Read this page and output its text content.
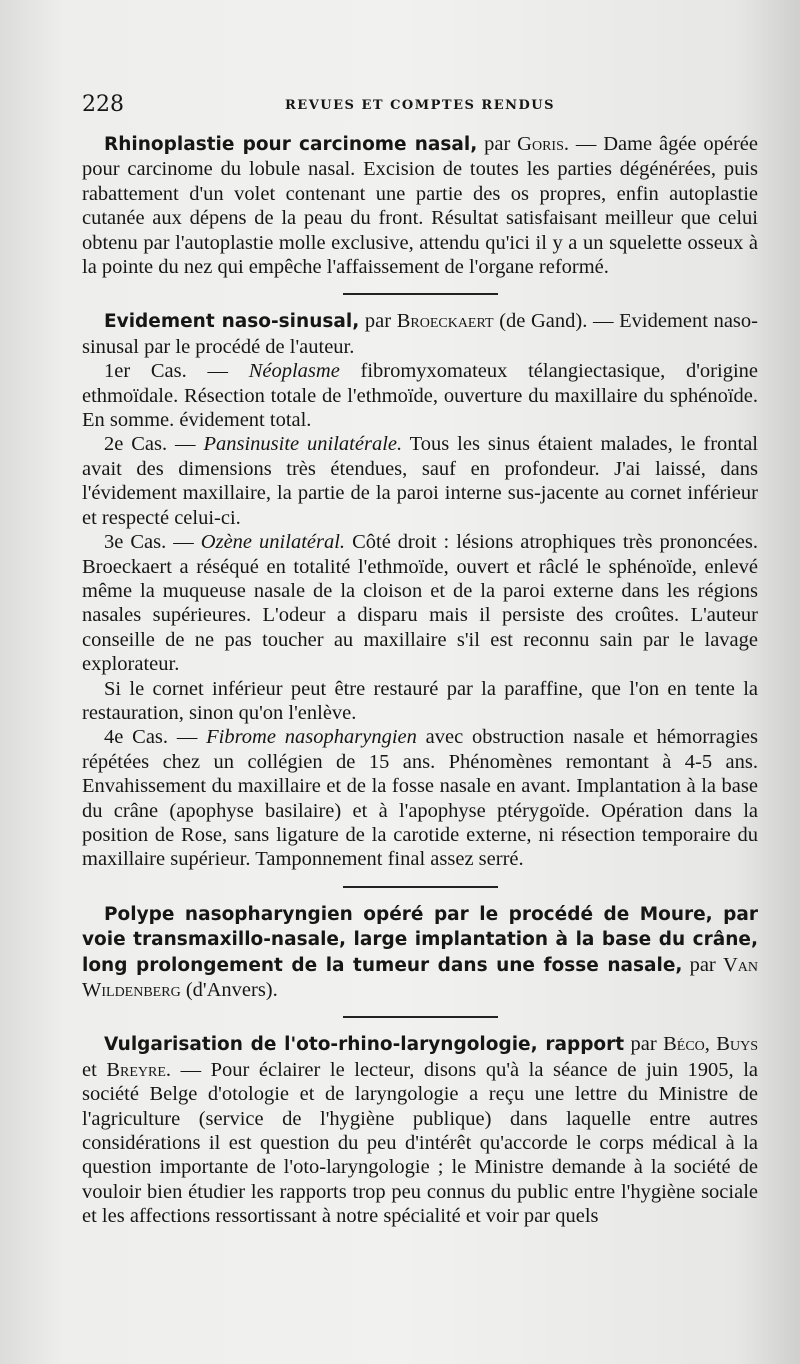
228	REVUES ET COMPTES RENDUS

Rhinoplastie pour carcinome nasal, par Goris. — Dame âgée opérée pour carcinome du lobule nasal. Excision de toutes les parties dégénérées, puis rabattement d'un volet contenant une partie des os propres, enfin autoplastie cutanée aux dépens de la peau du front. Résultat satisfaisant meilleur que celui obtenu par l'autoplastie molle exclusive, attendu qu'ici il y a un squelette osseux à la pointe du nez qui empêche l'affaissement de l'organe reformé.

Evidement naso-sinusal, par Broeckaert (de Gand). — Evidement naso-sinusal par le procédé de l'auteur.

1er Cas. — Néoplasme fibromyxomateux télangiectasique, d'origine ethmoïdale. Résection totale de l'ethmoïde, ouverture du maxillaire du sphénoïde. En somme. évidement total.

2e Cas. — Pansinusite unilatérale. Tous les sinus étaient malades, le frontal avait des dimensions très étendues, sauf en profondeur. J'ai laissé, dans l'évidement maxillaire, la partie de la paroi interne sus-jacente au cornet inférieur et respecté celui-ci.

3e Cas. — Ozène unilatéral. Côté droit : lésions atrophiques très prononcées. Broeckaert a réséqué en totalité l'ethmoïde, ouvert et râclé le sphénoïde, enlevé même la muqueuse nasale de la cloison et de la paroi externe dans les régions nasales supérieures. L'odeur a disparu mais il persiste des croûtes. L'auteur conseille de ne pas toucher au maxillaire s'il est reconnu sain par le lavage explorateur.

Si le cornet inférieur peut être restauré par la paraffine, que l'on en tente la restauration, sinon qu'on l'enlève.

4e Cas. — Fibrome nasopharyngien avec obstruction nasale et hémorragies répétées chez un collégien de 15 ans. Phénomènes remontant à 4-5 ans. Envahissement du maxillaire et de la fosse nasale en avant. Implantation à la base du crâne (apophyse basilaire) et à l'apophyse ptérygoïde. Opération dans la position de Rose, sans ligature de la carotide externe, ni résection temporaire du maxillaire supérieur. Tamponnement final assez serré.

Polype nasopharyngien opéré par le procédé de Moure, par voie transmaxillo-nasale, large implantation à la base du crâne, long prolongement de la tumeur dans une fosse nasale, par Van Wildenberg (d'Anvers).

Vulgarisation de l'oto-rhino-laryngologie, rapport par Béco, Buys et Breyre. — Pour éclairer le lecteur, disons qu'à la séance de juin 1905, la société Belge d'otologie et de laryngologie a reçu une lettre du Ministre de l'agriculture (service de l'hygiène publique) dans laquelle entre autres considérations il est question du peu d'intérêt qu'accorde le corps médical à la question importante de l'oto-laryngologie ; le Ministre demande à la société de vouloir bien étudier les rapports trop peu connus du public entre l'hygiène sociale et les affections ressortissant à notre spécialité et voir par quels
